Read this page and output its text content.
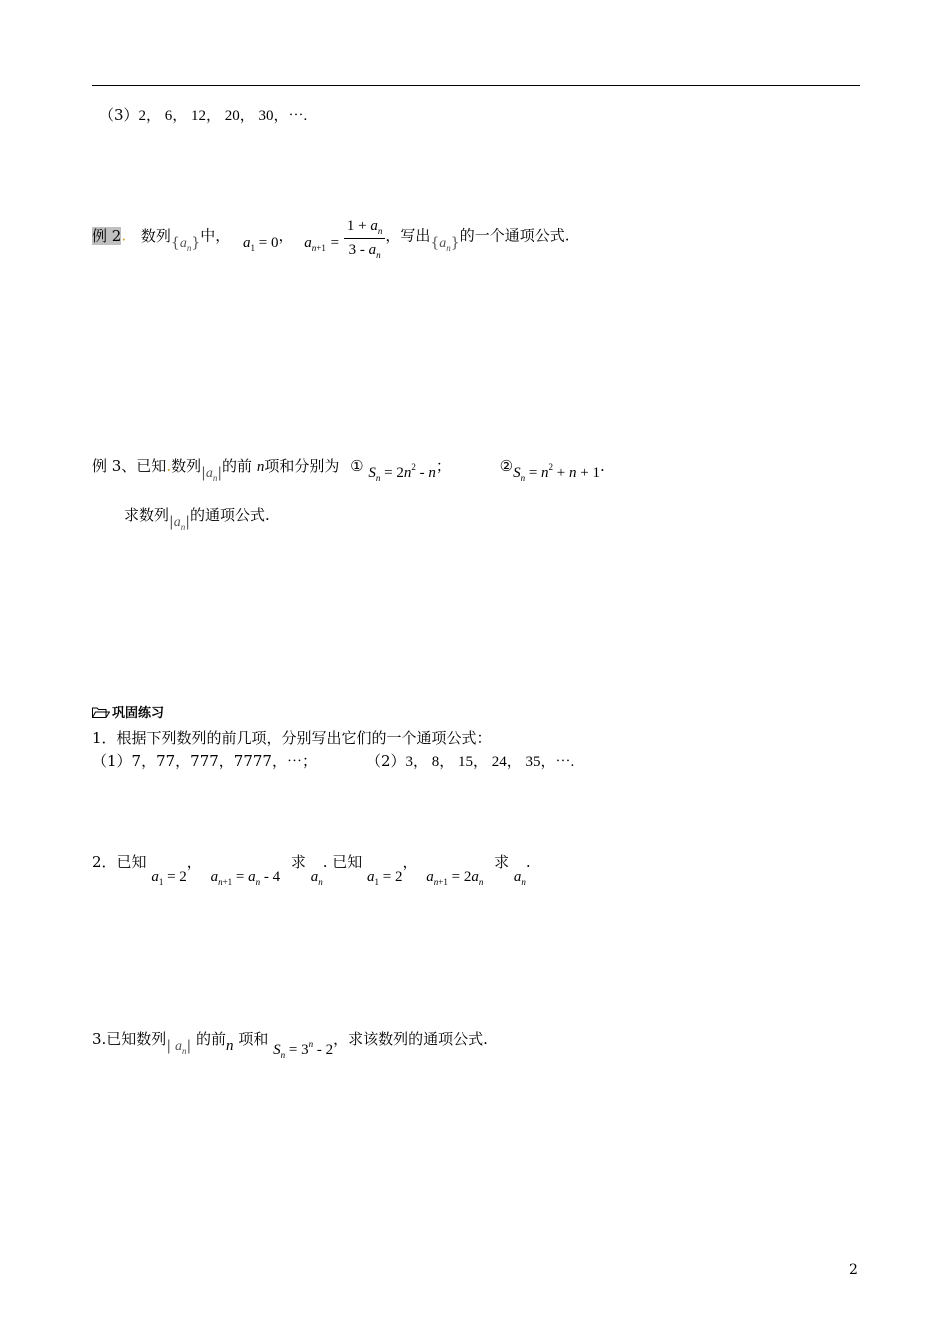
（3）2， 6， 12， 20， 30，⋯.
例 2. 数列$\{a_n\}$中， $a_1 = 0$， $a_{n+1} = \frac{1 + a_n}{3 - a_n}$ ，写出$\{a_n\}$的一个通项公式.
例 3、已知.数列$|a_n|$的前 n项和分别为 ① $S_n = 2n^2 - n$；	$②S_n = n^2 + n + 1$.
求数列$|a_n|$的通项公式.
巩固练习
1．根据下列数列的前几项，分别写出它们的一个通项公式：
（1）7，77，777，7777，⋯；	（2）3， 8， 15， 24， 35，⋯.
2．已知 $a_1 = 2$， $a_{n+1} = a_n - 4$ 求 $a_n$. 已知 $a_1 = 2$， $a_{n+1} = 2a_n$ 求 $a_n$.
3.已知数列| $a_n|$ 的前n 项和 $S_n = 3^n - 2$，求该数列的通项公式.
2
